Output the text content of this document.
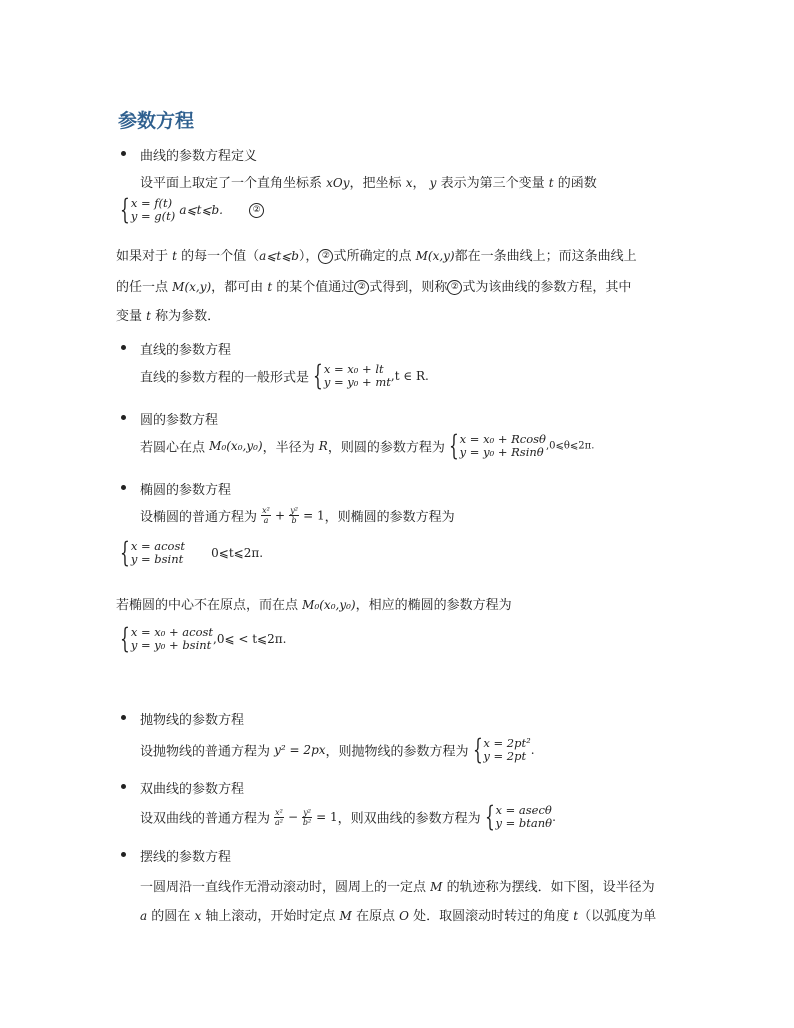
参数方程
曲线的参数方程定义
设平面上取定了一个直角坐标系 xOy，把坐标 x， y 表示为第三个变量 t 的函数
{ x = f(t)
y = g(t) a⩽t⩽b.	②
如果对于 t 的每一个值（a⩽t⩽b）， ② 式所确定的点 M(x,y)都在一条曲线上；而这条曲线上
的任一点 M(x,y)，都可由 t 的某个值通过 ② 式得到，则称 ② 式为该曲线的参数方程，其中
变量 t 称为参数．
直线的参数方程
直线的参数方程的一般形式是 { x = x₀ + lt
y = y₀ + mt ,t ∈ R.
圆的参数方程
若圆心在点 M₀(x₀,y₀)，半径为 R，则圆的参数方程为 { x = x₀ + Rcosθ
y = y₀ + Rsinθ ,0⩽θ⩽2π.
椭圆的参数方程
设椭圆的普通方程为 $\frac{\text{x²}}{a} + \frac{\text{y²}}{b} = 1$，则椭圆的参数方程为
{ x = acost
y = bsint 0⩽t⩽2π.
若椭圆的中心不在原点，而在点 M₀(x₀,y₀)，相应的椭圆的参数方程为
{ x = x₀ + acost
y = y₀ + bsint ,0⩽ < t⩽2π.
抛物线的参数方程
设抛物线的普通方程为 y² = 2px，则抛物线的参数方程为 { x = 2pt²
y = 2pt .
双曲线的参数方程
设双曲线的普通方程为 $\frac{\text{x²}}{\text{a²}} - \frac{\text{y²}}{\text{b²}} = 1$，则双曲线的参数方程为 { x = asecθ
y = btanθ .
摆线的参数方程
一圆周沿一直线作无滑动滚动时，圆周上的一定点 M 的轨迹称为摆线．如下图，设半径为
a 的圆在 x 轴上滚动，开始时定点 M 在原点 O 处．取圆滚动时转过的角度 t（以弧度为单
